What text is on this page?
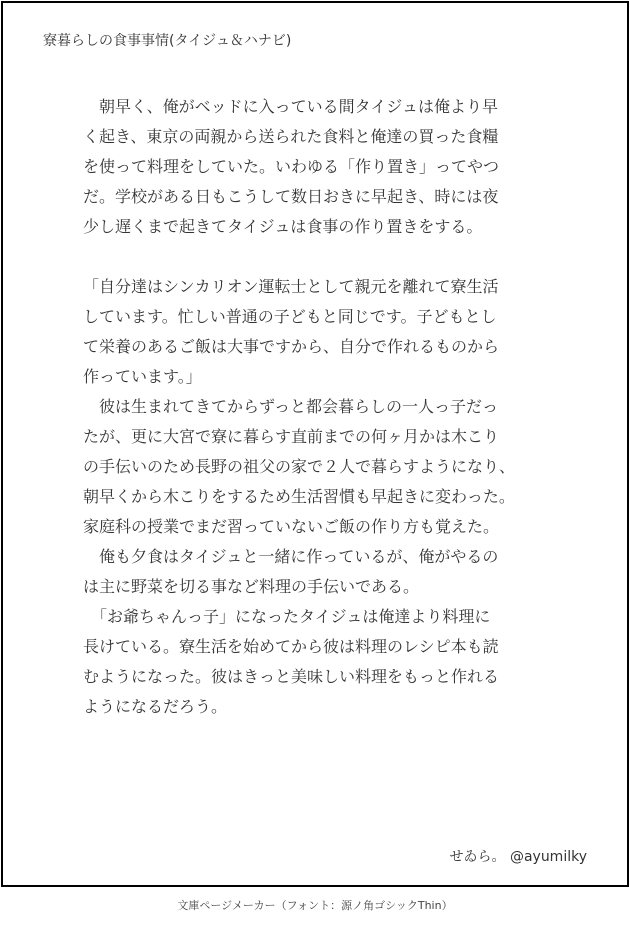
寮暮らしの食事事情(タイジュ＆ハナビ)
　朝早く、俺がベッドに入っている間タイジュは俺より早
く起き、東京の両親から送られた食料と俺達の買った食糧
を使って料理をしていた。いわゆる「作り置き」ってやつ
だ。学校がある日もこうして数日おきに早起き、時には夜
少し遅くまで起きてタイジュは食事の作り置きをする。
「自分達はシンカリオン運転士として親元を離れて寮生活
しています。忙しい普通の子どもと同じです。子どもとし
て栄養のあるご飯は大事ですから、自分で作れるものから
作っています。」
　彼は生まれてきてからずっと都会暮らしの一人っ子だっ
たが、更に大宮で寮に暮らす直前までの何ヶ月かは木こり
の手伝いのため長野の祖父の家で２人で暮らすようになり、
朝早くから木こりをするため生活習慣も早起きに変わった。
家庭科の授業でまだ習っていないご飯の作り方も覚えた。
　俺も夕食はタイジュと一緒に作っているが、俺がやるの
は主に野菜を切る事など料理の手伝いである。
　「お爺ちゃんっ子」になったタイジュは俺達より料理に
長けている。寮生活を始めてから彼は料理のレシピ本も読
むようになった。彼はきっと美味しい料理をもっと作れる
ようになるだろう。
せゐら。 @ayumilky
文庫ページメーカー（フォント：源ノ角ゴシックThin）
